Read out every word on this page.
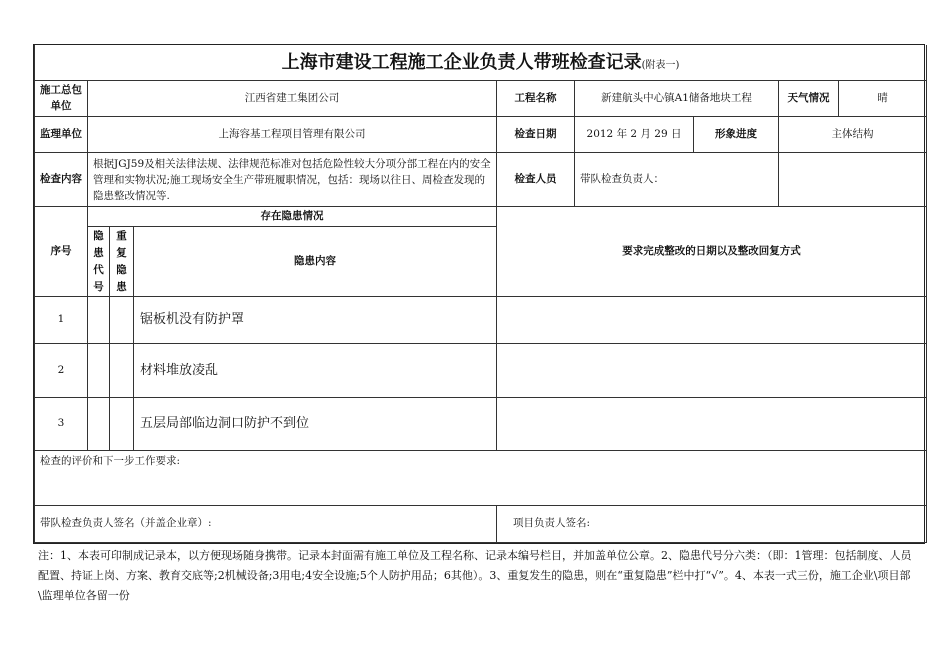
上海市建设工程施工企业负责人带班检查记录(附表一)								
施工总包单位	江西省建工集团公司			工程名称	新建航头中心镇A1储备地块工程		天气情况	晴
监理单位	上海容基工程项目管理有限公司			检查日期	2012 年 2 月 29 日	形象进度	主体结构	
检查内容	根据JGJ59及相关法律法规、法律规范标准对包括危险性较大分项分部工程在内的安全管理和实物状况;施工现场安全生产带班履职情况，包括：现场以往日、周检查发现的隐患整改情况等.			检查人员	带队检查负责人：			
序号	存在隐患情况			要求完成整改的日期以及整改回复方式				

	隐患代号	重复隐患	隐患内容					
1			锯板机没有防护罩					
2			材料堆放凌乱					
3			五层局部临边洞口防护不到位					
检查的评价和下一步工作要求:								
带队检查负责人签名（并盖企业章）:				项目负责人签名:				
注：1、本表可印制成记录本，以方便现场随身携带。记录本封面需有施工单位及工程名称、记录本编号栏目，并加盖单位公章。2、隐患代号分六类：（即：1管理：包括制度、人员配置、持证上岗、方案、教育交底等;2机械设备;3用电;4安全设施;5个人防护用品；6其他）。3、重复发生的隐患，则在“重复隐患”栏中打“√”。4、本表一式三份，施工企业\项目部\监理单位各留一份
